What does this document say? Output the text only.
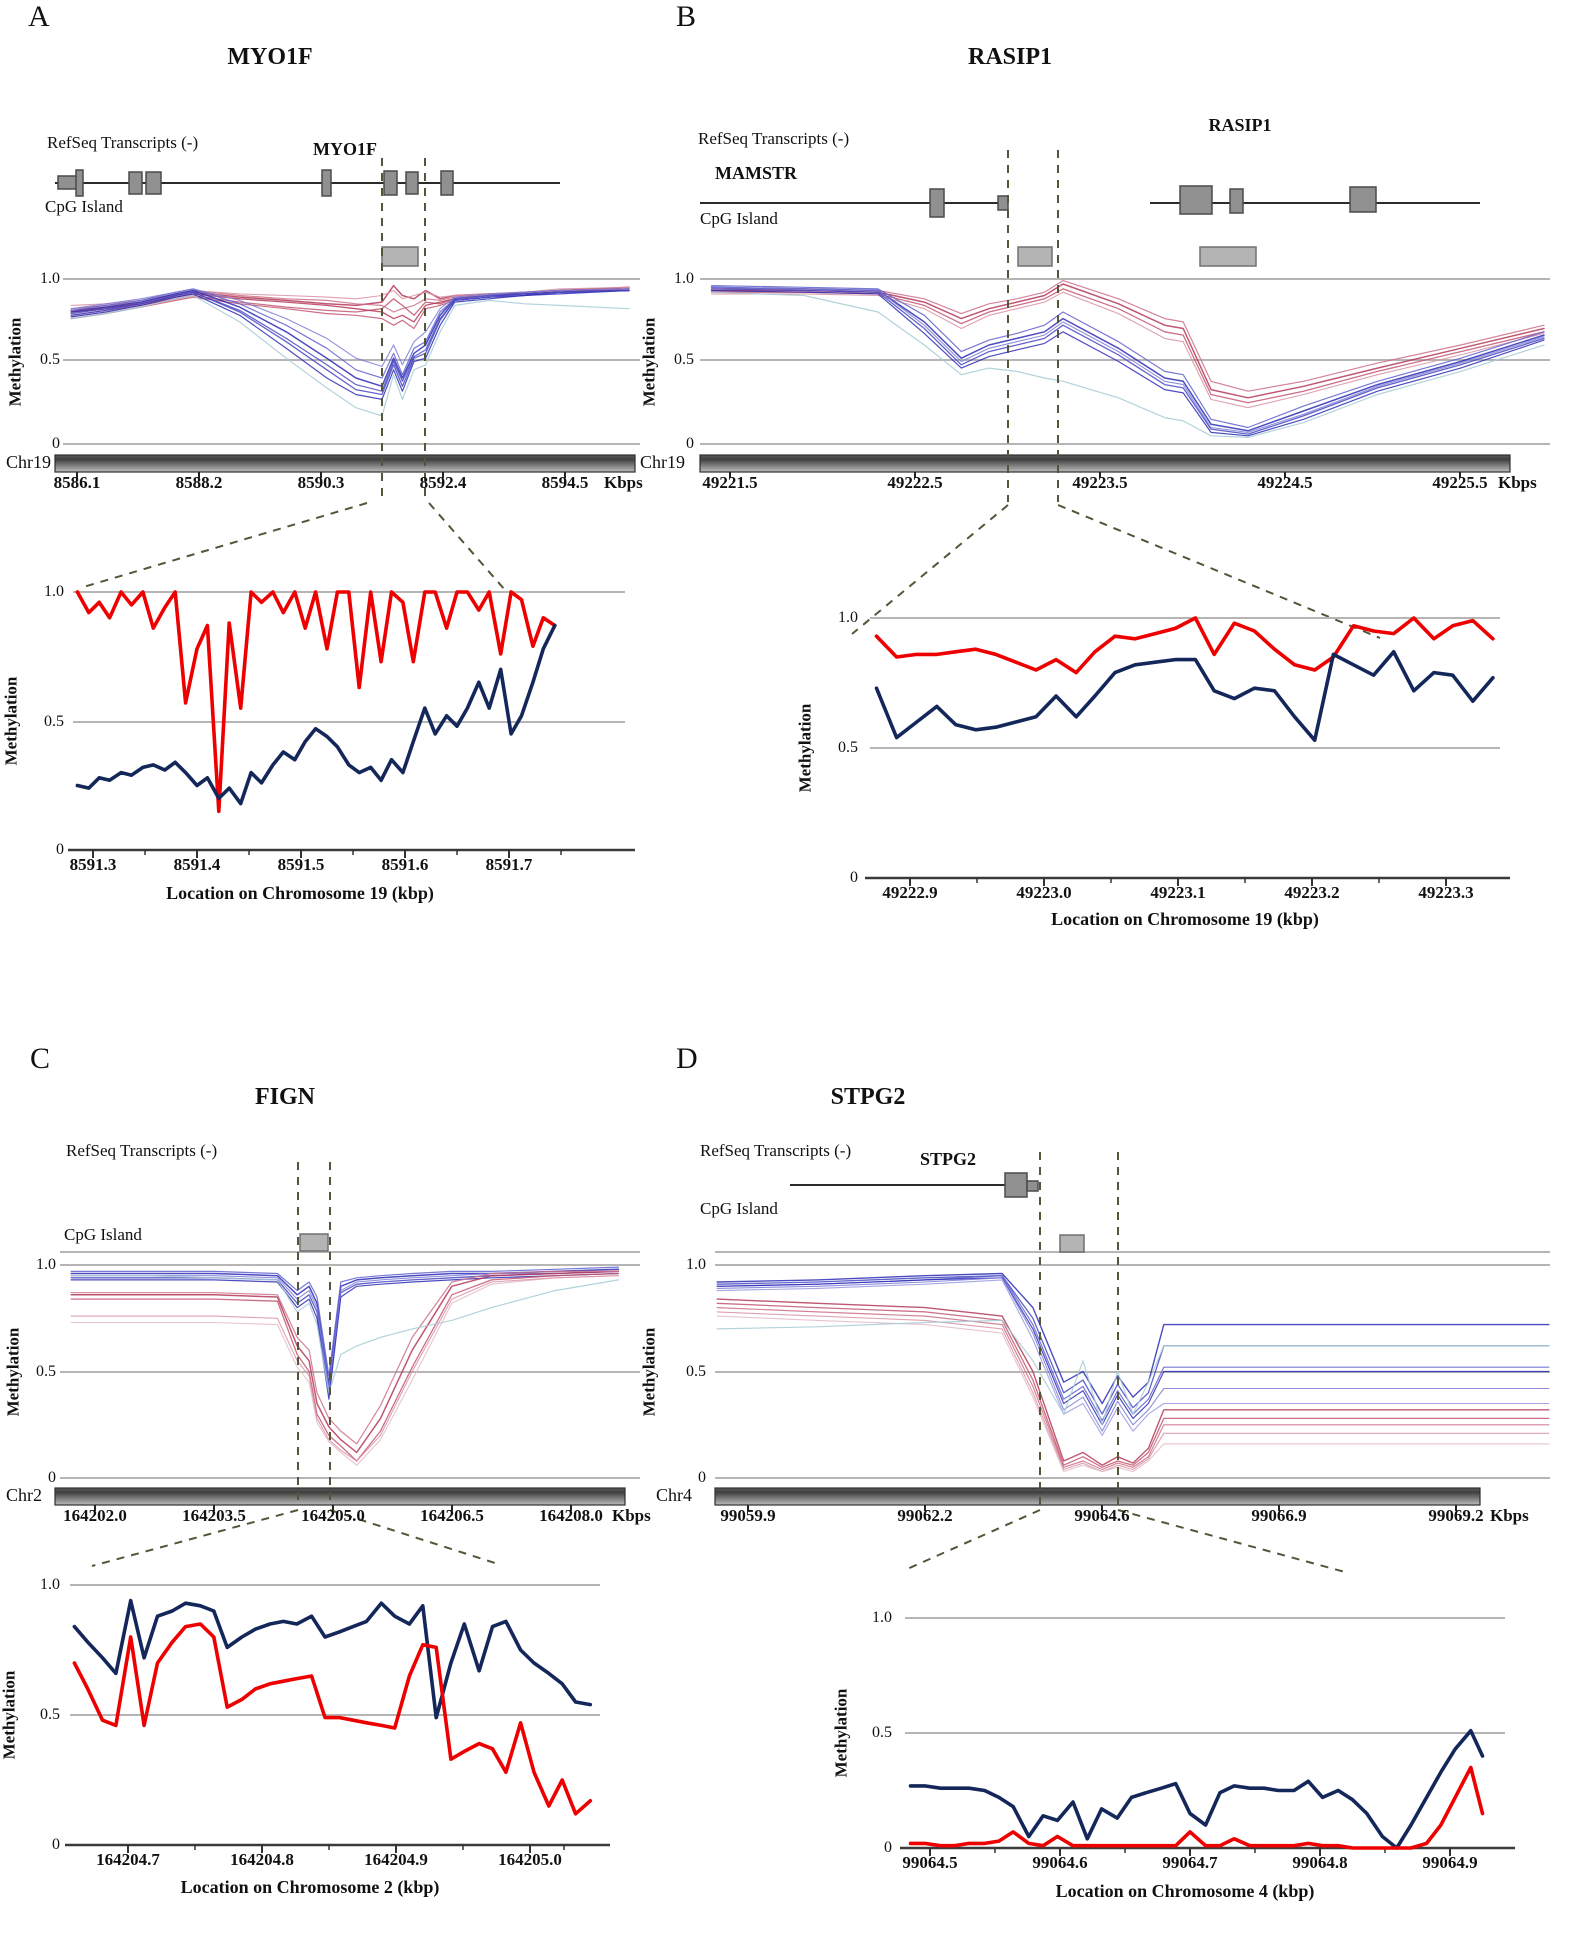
A
MYO1F
RefSeq Transcripts (-)	MYO1F
CpG Island
1.0
0.5
0
Methylation
Chr19
Kbps
1.0
0.5
0
Methylation
Location on Chromosome 19 (kbp)
B
RASIP1
RefSeq Transcripts (-)
MAMSTR
RASIP1
CpG Island
1.0
0.5
0
Methylation
Chr19
Kbps
1.0
0.5
0
Methylation
Location on Chromosome 19 (kbp)
C
FIGN
RefSeq Transcripts (-)
CpG Island
1.0
0.5
0
Methylation
Chr2
Kbps
1.0
0.5
0
Methylation
Location on Chromosome 2 (kbp)
D
STPG2
RefSeq Transcripts (-)	STPG2
CpG Island
1.0
0.5
0
Methylation
Chr4
Kbps
1.0
0.5
0
Methylation
Location on Chromosome 4 (kbp)
8586.1	8588.2	8590.3	8592.4	8594.5
8591.3	8591.4	8591.5	8591.6	8591.7
49221.5	49222.5	49223.5	49224.5	49225.5
49222.9	49223.0	49223.1	49223.2	49223.3
164202.0	164203.5	164205.0	164206.5	164208.0
164204.7	164204.8	164204.9	164205.0
99059.9	99062.2	99064.6	99066.9	99069.2
99064.5	99064.6	99064.7	99064.8	99064.9
